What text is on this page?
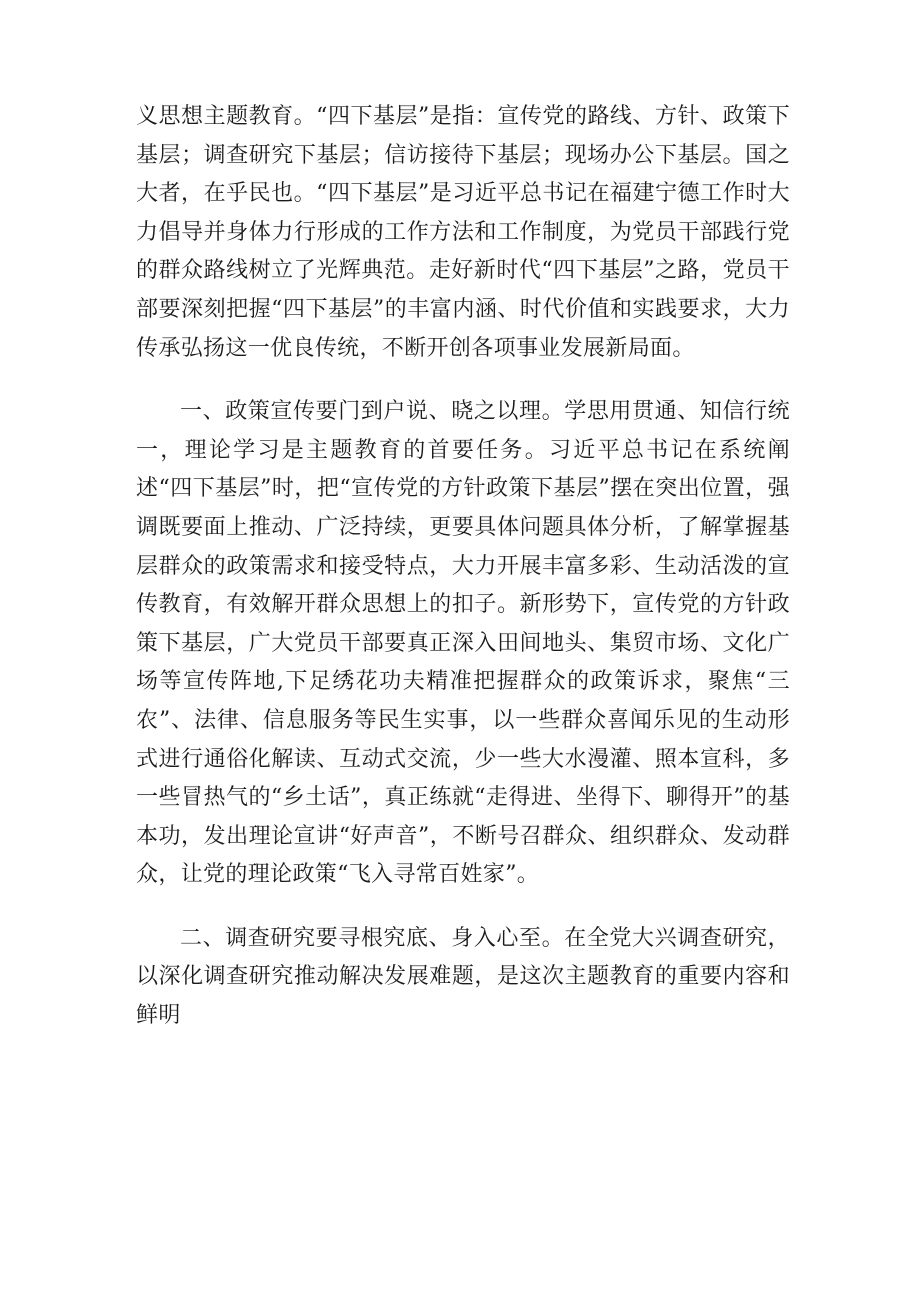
义思想主题教育。“四下基层”是指：宣传党的路线、方针、政策下基层；调查研究下基层；信访接待下基层；现场办公下基层。国之大者，在乎民也。“四下基层”是习近平总书记在福建宁德工作时大力倡导并身体力行形成的工作方法和工作制度，为党员干部践行党的群众路线树立了光辉典范。走好新时代“四下基层”之路，党员干部要深刻把握“四下基层”的丰富内涵、时代价值和实践要求，大力传承弘扬这一优良传统，不断开创各项事业发展新局面。

一、政策宣传要门到户说、晓之以理。学思用贯通、知信行统一，理论学习是主题教育的首要任务。习近平总书记在系统阐述“四下基层”时，把“宣传党的方针政策下基层”摆在突出位置，强调既要面上推动、广泛持续，更要具体问题具体分析，了解掌握基层群众的政策需求和接受特点，大力开展丰富多彩、生动活泼的宣传教育，有效解开群众思想上的扣子。新形势下，宣传党的方针政策下基层，广大党员干部要真正深入田间地头、集贸市场、文化广场等宣传阵地,下足绣花功夫精准把握群众的政策诉求，聚焦“三农”、法律、信息服务等民生实事，以一些群众喜闻乐见的生动形式进行通俗化解读、互动式交流，少一些大水漫灌、照本宣科，多一些冒热气的“乡土话”，真正练就“走得进、坐得下、聊得开”的基本功，发出理论宣讲“好声音”，不断号召群众、组织群众、发动群众，让党的理论政策“飞入寻常百姓家”。

二、调查研究要寻根究底、身入心至。在全党大兴调查研究，以深化调查研究推动解决发展难题，是这次主题教育的重要内容和鲜明
